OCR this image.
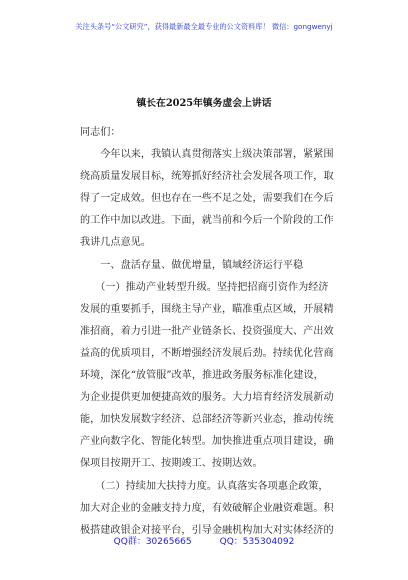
关注头条号“公文研究”，获得最新最全最专业的公文资料库！ 微信：gongwenyj
镇长在2025年镇务虚会上讲话
同志们：
　　今年以来，我镇认真贯彻落实上级决策部署，紧紧围
绕高质量发展目标，统筹抓好经济社会发展各项工作，取
得了一定成效。但也存在一些不足之处，需要我们在今后
的工作中加以改进。下面，就当前和今后一个阶段的工作
我讲几点意见。
　　一、盘活存量、做优增量，镇域经济运行平稳
　　（一）推动产业转型升级。坚持把招商引资作为经济
发展的重要抓手，围绕主导产业，瞄准重点区域，开展精
准招商，着力引进一批产业链条长、投资强度大、产出效
益高的优质项目，不断增强经济发展后劲。持续优化营商
环境，深化“放管服”改革，推进政务服务标准化建设，
为企业提供更加便捷高效的服务。大力培育经济发展新动
能，加快发展数字经济、总部经济等新兴业态，推动传统
产业向数字化、智能化转型。加快推进重点项目建设，确
保项目按期开工、按期竣工、按期达效。
　　（二）持续加大扶持力度。认真落实各项惠企政策，
加大对企业的金融支持力度，有效破解企业融资难题。积
极搭建政银企对接平台，引导金融机构加大对实体经济的
QQ群：30265665	QQ：535304092
